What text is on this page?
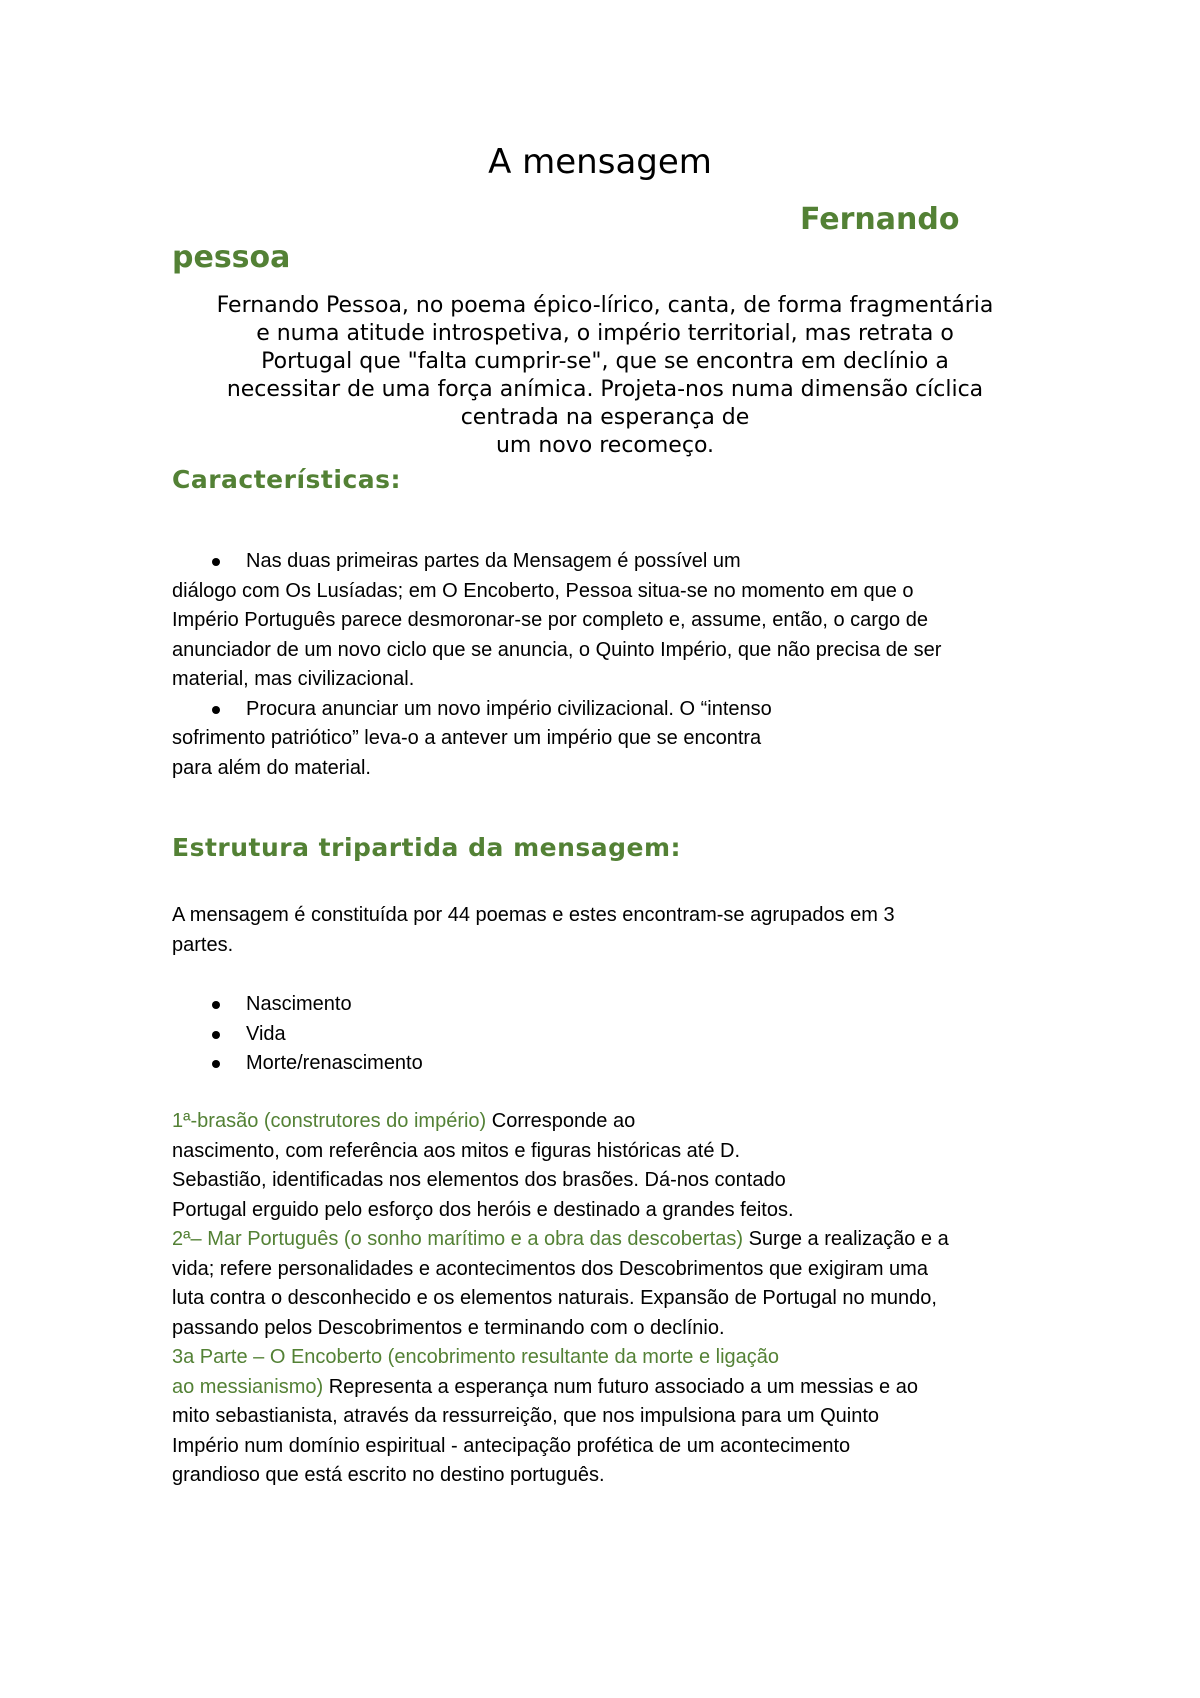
A mensagem
Fernando
pessoa
Fernando Pessoa, no poema épico-lírico, canta, de forma fragmentária
e numa atitude introspetiva, o império territorial, mas retrata o
Portugal que "falta cumprir-se", que se encontra em declínio a
necessitar de uma força anímica. Projeta-nos numa dimensão cíclica
centrada na esperança de
um novo recomeço.
Características:
Nas duas primeiras partes da Mensagem é possível um
diálogo com Os Lusíadas; em O Encoberto, Pessoa situa-se no momento em que o
Império Português parece desmoronar-se por completo e, assume, então, o cargo de
anunciador de um novo ciclo que se anuncia, o Quinto Império, que não precisa de ser
material, mas civilizacional.
Procura anunciar um novo império civilizacional. O “intenso
sofrimento patriótico” leva-o a antever um império que se encontra
para além do material.
Estrutura tripartida da mensagem:
A mensagem é constituída por 44 poemas e estes encontram-se agrupados em 3
partes.
Nascimento
Vida
Morte/renascimento
1ª-brasão (construtores do império) Corresponde ao
nascimento, com referência aos mitos e figuras históricas até D.
Sebastião, identificadas nos elementos dos brasões. Dá-nos contado
Portugal erguido pelo esforço dos heróis e destinado a grandes feitos.
2ª– Mar Português (o sonho marítimo e a obra das descobertas) Surge a realização e a
vida; refere personalidades e acontecimentos dos Descobrimentos que exigiram uma
luta contra o desconhecido e os elementos naturais. Expansão de Portugal no mundo,
passando pelos Descobrimentos e terminando com o declínio.
3a Parte – O Encoberto (encobrimento resultante da morte e ligação
ao messianismo) Representa a esperança num futuro associado a um messias e ao
mito sebastianista, através da ressurreição, que nos impulsiona para um Quinto
Império num domínio espiritual - antecipação profética de um acontecimento
grandioso que está escrito no destino português.
